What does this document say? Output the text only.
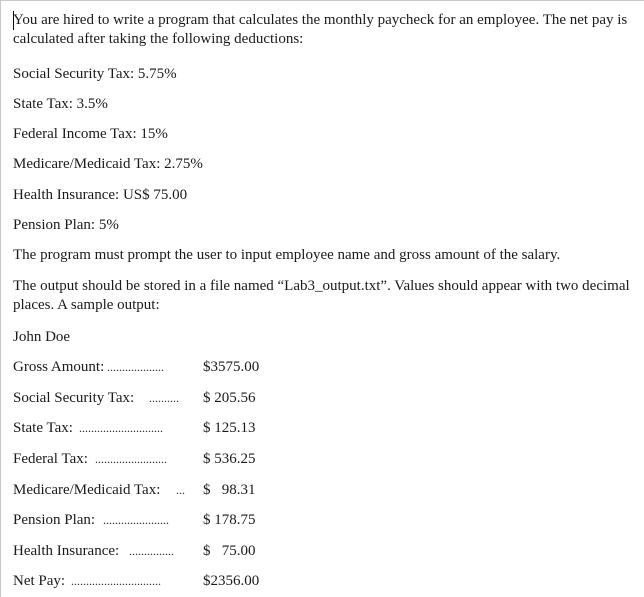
You are hired to write a program that calculates the monthly paycheck for an employee. The net pay is calculated after taking the following deductions:
Social Security Tax: 5.75%
State Tax: 3.5%
Federal Income Tax: 15%
Medicare/Medicaid Tax: 2.75%
Health Insurance: US$ 75.00
Pension Plan: 5%
The program must prompt the user to input employee name and gross amount of the salary.
The output should be stored in a file named “Lab3_output.txt”. Values should appear with two decimal places. A sample output:
John Doe
Gross Amount: ...................	$3575.00
Social Security Tax: .......... $ 205.56
State Tax: ............................	$ 125.13
Federal Tax: ........................ $ 536.25
Medicare/Medicaid Tax: ... $   98.31
Pension Plan: ...................... $ 178.75
Health Insurance: ............... $   75.00
Net Pay: ..............................	$2356.00
